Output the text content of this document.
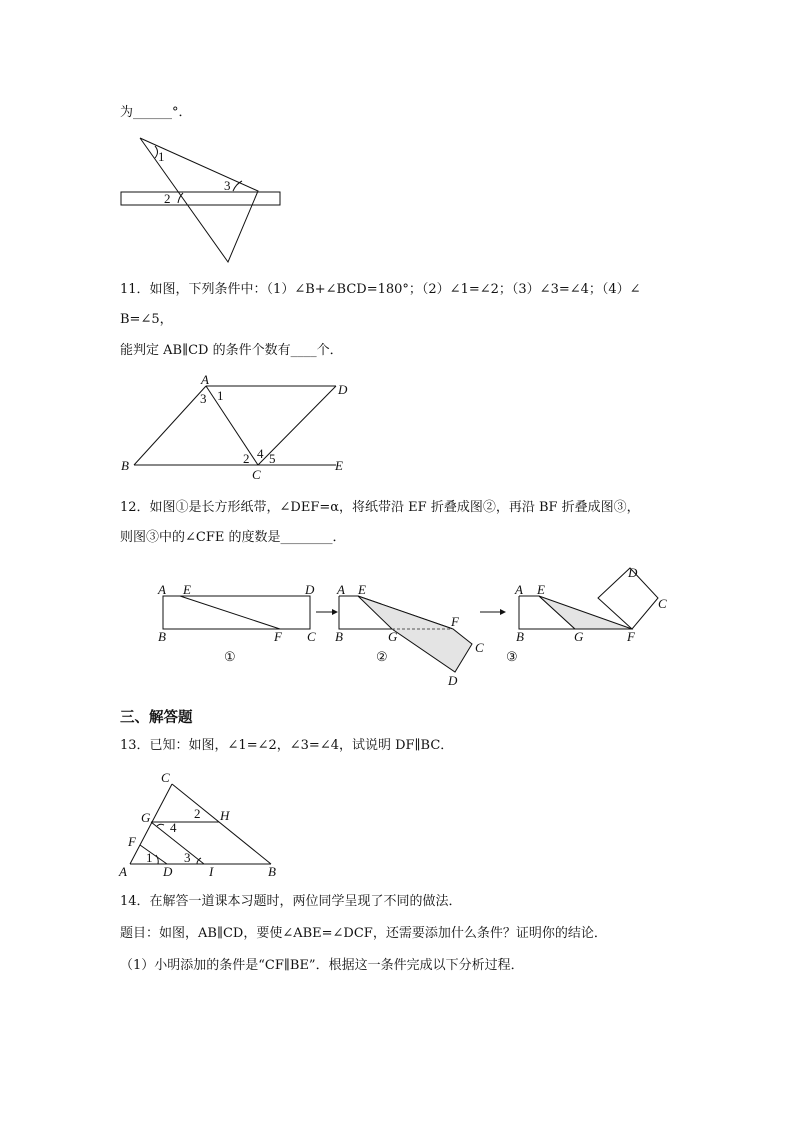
为______°．
1
2
3
11．如图，下列条件中：（1）∠B+∠BCD=180°；（2）∠1=∠2；（3）∠3=∠4；（4）∠
B=∠5，
能判定 AB∥CD 的条件个数有____个．
A
D
B
C
E
1
2
3
4 5
12．如图①是长方形纸带，∠DEF=α，将纸带沿 EF 折叠成图②，再沿 BF 折叠成图③，
则图③中的∠CFE 的度数是________．
A E	D
B	F C
①
A E
F
B	G
C
D
②
A E
D
C
B	G	F
③
三、解答题
13．已知：如图，∠1=∠2，∠3=∠4，试说明 DF∥BC．
C
G	2 H
4
F
A
1
D
3
I	B
14．在解答一道课本习题时，两位同学呈现了不同的做法．
题目：如图，AB∥CD，要使∠ABE=∠DCF，还需要添加什么条件？证明你的结论．
（1）小明添加的条件是“CF∥BE”．根据这一条件完成以下分析过程．
